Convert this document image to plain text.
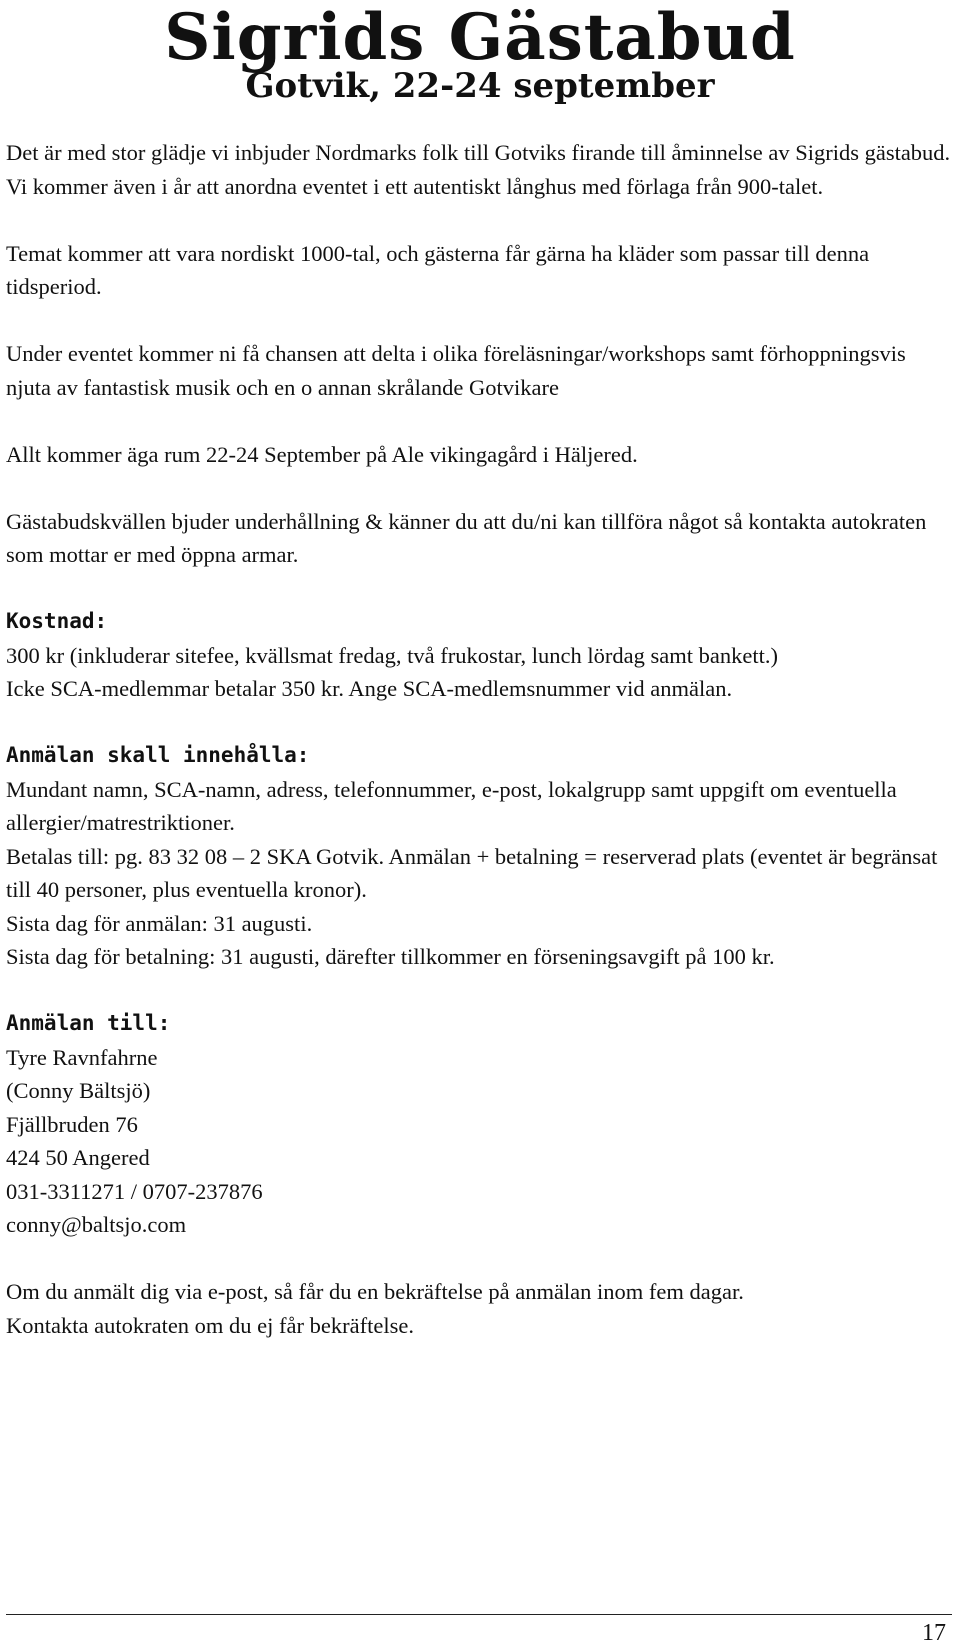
Sigrids Gästabud
Gotvik, 22-24 september

Det är med stor glädje vi inbjuder Nordmarks folk till Gotviks firande till åminnelse av Sigrids gästabud.
Vi kommer även i år att anordna eventet i ett autentiskt långhus med förlaga från 900-talet.

Temat kommer att vara nordiskt 1000-tal, och gästerna får gärna ha kläder som passar till denna tidsperiod.

Under eventet kommer ni få chansen att delta i olika föreläsningar/workshops samt förhoppningsvis njuta av fantastisk musik och en o annan skrålande Gotvikare

Allt kommer äga rum 22-24 September på Ale vikingagård i Häljered.

Gästabudskvällen bjuder underhållning & känner du att du/ni kan tillföra något så kontakta autokraten som mottar er med öppna armar.

Kostnad:
300 kr (inkluderar sitefee, kvällsmat fredag, två frukostar, lunch lördag samt bankett.)
Icke SCA-medlemmar betalar 350 kr. Ange SCA-medlemsnummer vid anmälan.

Anmälan skall innehålla:
Mundant namn, SCA-namn, adress, telefonnummer, e-post, lokalgrupp samt uppgift om eventuella allergier/matrestriktioner.
Betalas till: pg. 83 32 08 – 2 SKA Gotvik. Anmälan + betalning = reserverad plats (eventet är begränsat till 40 personer, plus eventuella kronor).
Sista dag för anmälan: 31 augusti.
Sista dag för betalning: 31 augusti, därefter tillkommer en förseningsavgift på 100 kr.

Anmälan till:
Tyre Ravnfahrne
(Conny Bältsjö)
Fjällbruden 76
424 50 Angered
031-3311271 / 0707-237876
conny@baltsjo.com

Om du anmält dig via e-post, så får du en bekräftelse på anmälan inom fem dagar.
Kontakta autokraten om du ej får bekräftelse.

17
